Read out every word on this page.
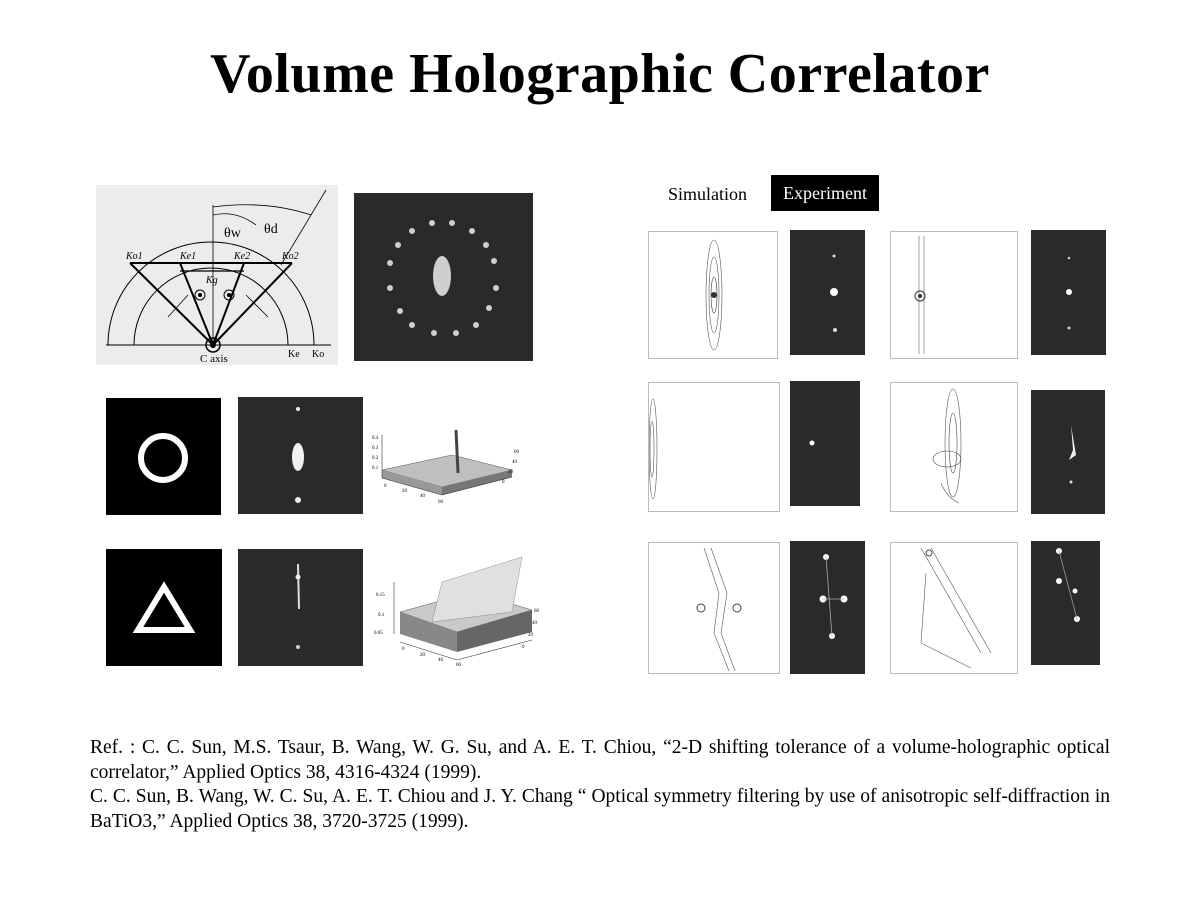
Volume Holographic Correlator
θw θd
Ko1	Ke1
Kg
Ke2	Ko2
C axis	Ke Ko
0.4
0.3
0.2
0.1
0
20
40
60
0
20
40
60
0.15
0.1
0.05
0
20
40
60
0
20
40
60
Simulation	Experiment

Ref. : C. C. Sun, M.S. Tsaur, B. Wang, W. G. Su, and A. E. T. Chiou, “2-D shifting tolerance of a volume-holographic optical correlator,” Applied Optics 38, 4316-4324 (1999).

C. C. Sun, B. Wang, W. C. Su, A. E. T. Chiou and J. Y. Chang “ Optical symmetry filtering by use of anisotropic self-diffraction in BaTiO3,” Applied Optics 38, 3720-3725 (1999).
